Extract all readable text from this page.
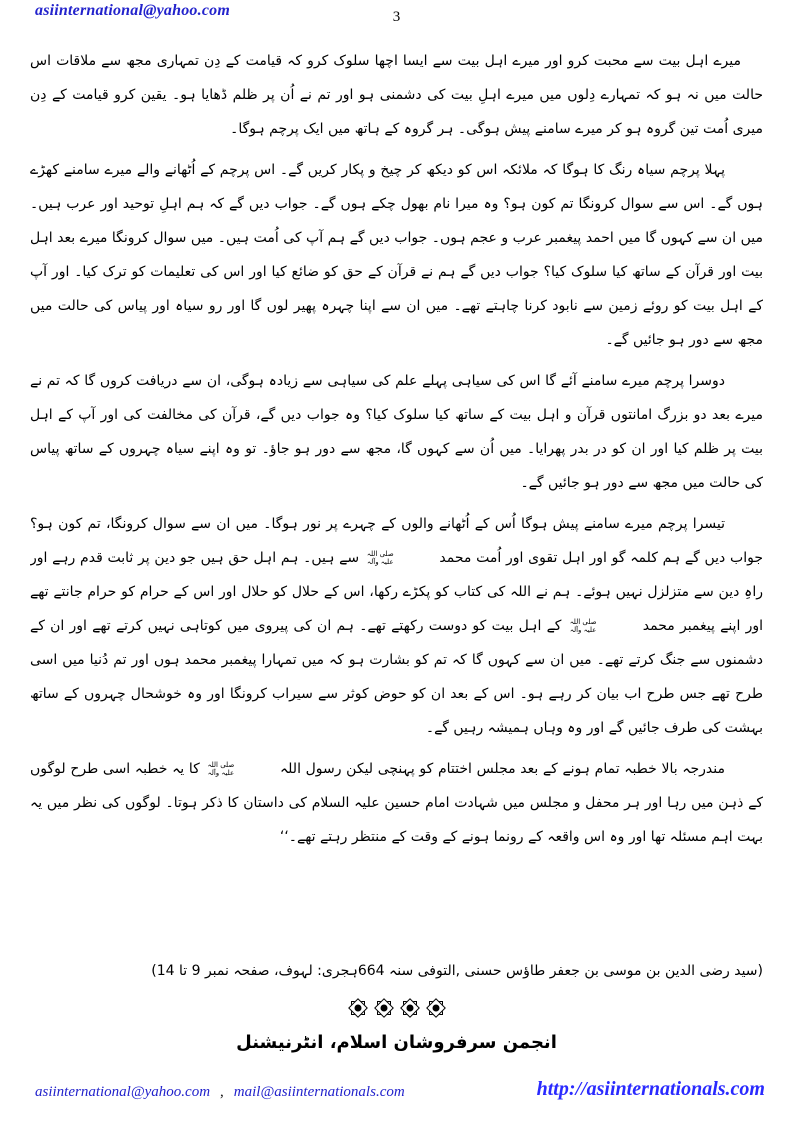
asiinternational@yahoo.com	3

میرے اہل بیت سے محبت کرو اور میرے اہل بیت سے ایسا اچھا سلوک کرو کہ قیامت کے دِن تمہاری مجھ سے ملاقات اس حالت میں نہ ہو کہ تمہارے دِلوں میں میرے اہلِ بیت کی دشمنی ہو اور تم نے اُن پر ظلم ڈھایا ہو۔ یقین کرو قیامت کے دِن میری اُمت تین گروہ ہو کر میرے سامنے پیش ہوگی۔ ہر گروہ کے ہاتھ میں ایک پرچم ہوگا۔

پہلا پرچم سیاہ رنگ کا ہوگا کہ ملائکہ اس کو دیکھ کر چیخ و پکار کریں گے۔ اس پرچم کے اُٹھانے والے میرے سامنے کھڑے ہوں گے۔ اس سے سوال کرونگا تم کون ہو؟ وہ میرا نام بھول چکے ہوں گے۔ جواب دیں گے کہ ہم اہلِ توحید اور عرب ہیں۔ میں ان سے کہوں گا میں احمد پیغمبر عرب و عجم ہوں۔ جواب دیں گے ہم آپ کی اُمت ہیں۔ میں سوال کرونگا میرے بعد اہل بیت اور قرآن کے ساتھ کیا سلوک کیا؟ جواب دیں گے ہم نے قرآن کے حق کو ضائع کیا اور اس کی تعلیمات کو ترک کیا۔ اور آپ کے اہل بیت کو روئے زمین سے نابود کرنا چاہتے تھے۔ میں ان سے اپنا چہرہ پھیر لوں گا اور رو سیاہ اور پیاس کی حالت میں مجھ سے دور ہو جائیں گے۔

دوسرا پرچم میرے سامنے آئے گا اس کی سیاہی پہلے علم کی سیاہی سے زیادہ ہوگی، ان سے دریافت کروں گا کہ تم نے میرے بعد دو بزرگ امانتوں قرآن و اہل بیت کے ساتھ کیا سلوک کیا؟ وہ جواب دیں گے، قرآن کی مخالفت کی اور آپ کے اہل بیت پر ظلم کیا اور ان کو در بدر پھرایا۔ میں اُن سے کہوں گا، مجھ سے دور ہو جاؤ۔ تو وہ اپنے سیاہ چہروں کے ساتھ پیاس کی حالت میں مجھ سے دور ہو جائیں گے۔

تیسرا پرچم میرے سامنے پیش ہوگا اُس کے اُٹھانے والوں کے چہرے پر نور ہوگا۔ میں ان سے سوال کرونگا، تم کون ہو؟ جواب دیں گے ہم کلمہ گو اور اہل تقوی اور اُمت محمد
صلی اللہ
علیہ وآلہ
سے ہیں۔ ہم اہل حق ہیں جو دین پر ثابت قدم رہے اور راہِ دین سے متزلزل نہیں ہوئے۔ ہم نے اللہ کی کتاب کو پکڑے رکھا، اس کے حلال کو حلال اور اس کے حرام کو حرام جانتے تھے اور اپنے پیغمبر محمد
صلی اللہ
علیہ وآلہ
کے اہل بیت کو دوست رکھتے تھے۔ ہم ان کی پیروی میں کوتاہی نہیں کرتے تھے اور ان کے دشمنوں سے جنگ کرتے تھے۔ میں ان سے کہوں گا کہ تم کو بشارت ہو کہ میں تمہارا پیغمبر محمد ہوں اور تم دُنیا میں اسی طرح تھے جس طرح اب بیان کر رہے ہو۔ اس کے بعد ان کو حوض کوثر سے سیراب کرونگا اور وہ خوشحال چہروں کے ساتھ بہشت کی طرف جائیں گے اور وہ وہاں ہمیشہ رہیں گے۔

مندرجہ بالا خطبہ تمام ہونے کے بعد مجلس اختتام کو پہنچی لیکن رسول اللہ
صلی اللہ
علیہ وآلہ
کا یہ خطبہ اسی طرح لوگوں کے ذہن میں رہا اور ہر محفل و مجلس میں شہادت امام حسین علیہ السلام کی داستان کا ذکر ہوتا۔ لوگوں کی نظر میں یہ بہت اہم مسئلہ تھا اور وہ اس واقعہ کے رونما ہونے کے وقت کے منتظر رہتے تھے۔‘‘

(سید رضی الدین بن موسی بن جعفر طاؤس حسنی ,التوفی سنہ 664ہجری: لہوف، صفحہ نمبر 9 تا 14)
انجمن سرفروشان اسلام، انٹرنیشنل
asiinternational@yahoo.com , mail@asiinternationals.com	http://asiinternationals.com
